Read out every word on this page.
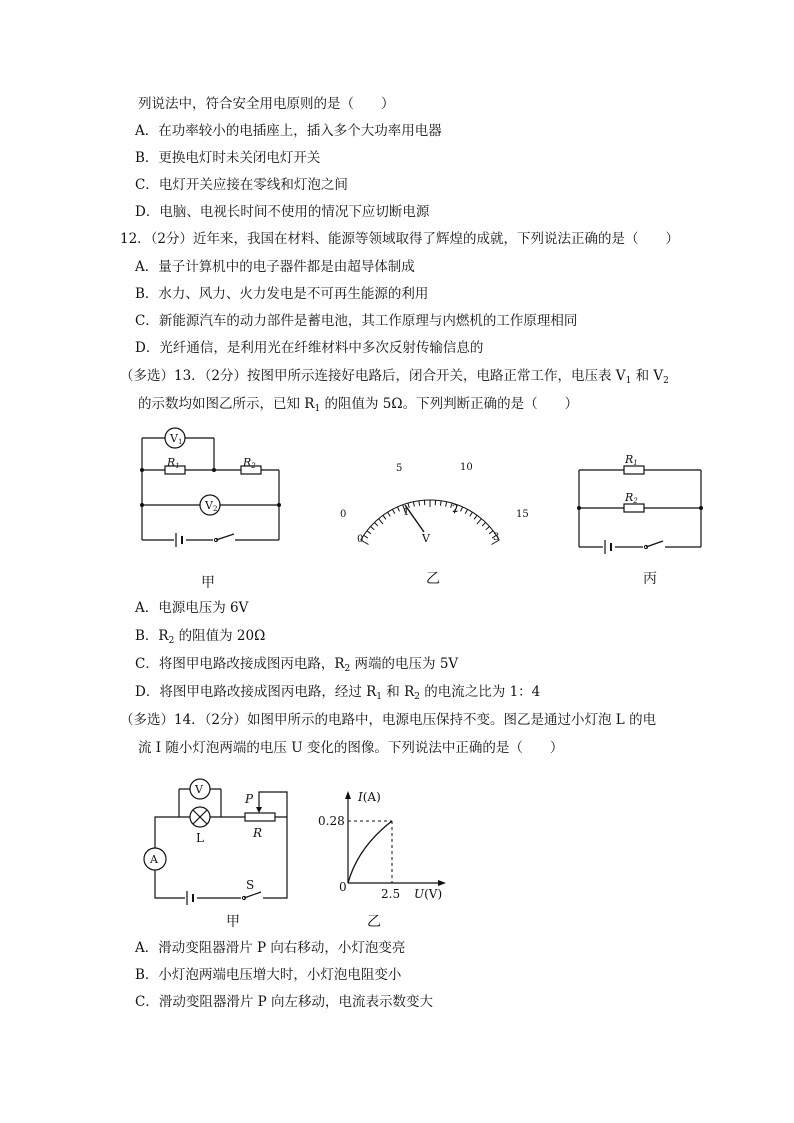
列说法中，符合安全用电原则的是（　　）
A．在功率较小的电插座上，插入多个大功率用电器
B．更换电灯时未关闭电灯开关
C．电灯开关应接在零线和灯泡之间
D．电脑、电视长时间不使用的情况下应切断电源
12．（2分）近年来，我国在材料、能源等领域取得了辉煌的成就，下列说法正确的是（　　）
A．量子计算机中的电子器件都是由超导体制成
B．水力、风力、火力发电是不可再生能源的利用
C．新能源汽车的动力部件是蓄电池，其工作原理与内燃机的工作原理相同
D．光纤通信，是利用光在纤维材料中多次反射传输信息的
（多选）13．（2分）按图甲所示连接好电路后，闭合开关，电路正常工作，电压表 $V_1$ 和 $V_2$
的示数均如图乙所示，已知 $R_1$ 的阻值为 5Ω。下列判断正确的是（　　）
V1
V2
R1	R2
甲
0
5	10
15
0
1	2
3
V
乙
R1
R2
丙
A．电源电压为 6V
B．$R_2$ 的阻值为 20Ω
C．将图甲电路改接成图丙电路，$R_2$ 两端的电压为 5V
D．将图甲电路改接成图丙电路，经过 $R_1$ 和 $R_2$ 的电流之比为 1：4
（多选）14．（2分）如图甲所示的电路中，电源电压保持不变。图乙是通过小灯泡 L 的电
流 I 随小灯泡两端的电压 U 变化的图像。下列说法中正确的是（　　）
A
V
L
P
R
S
甲
I(A)
U(V)
0
0.28
2.5
乙
A．滑动变阻器滑片 P 向右移动，小灯泡变亮
B．小灯泡两端电压增大时，小灯泡电阻变小
C．滑动变阻器滑片 P 向左移动，电流表示数变大
